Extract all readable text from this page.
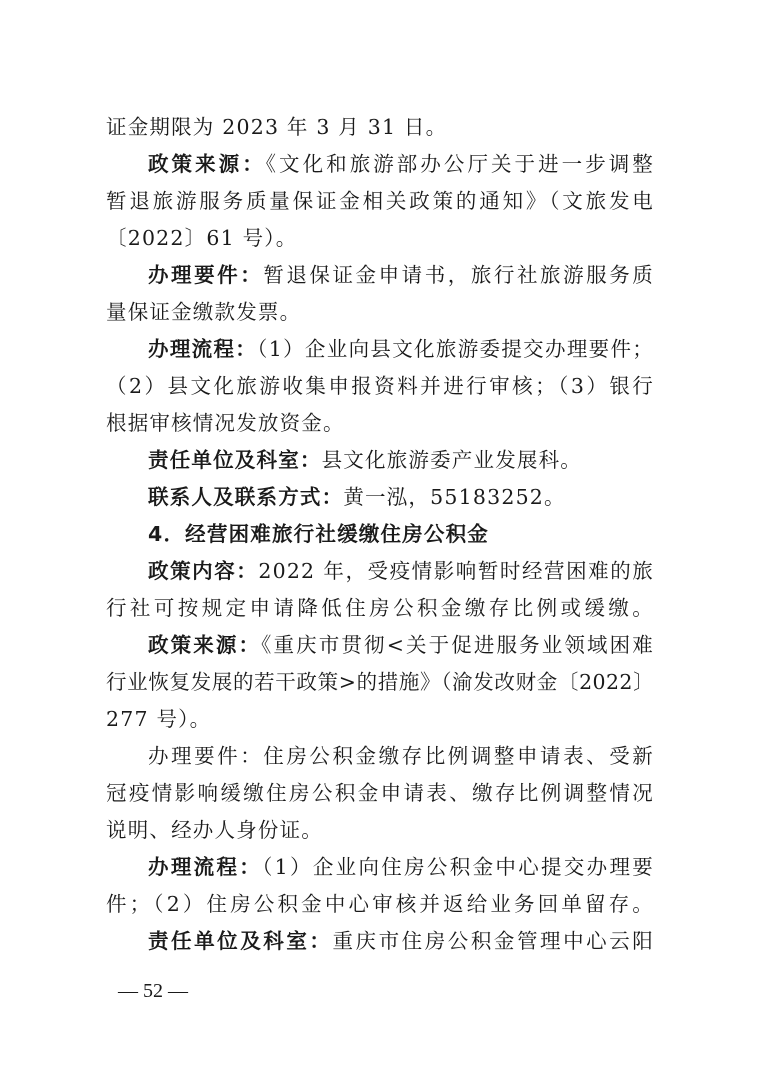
证金期限为 2023 年 3 月 31 日。
政策来源：《文化和旅游部办公厅关于进一步调整
暂退旅游服务质量保证金相关政策的通知》（文旅发电
〔2022〕61 号）。
办理要件：暂退保证金申请书，旅行社旅游服务质
量保证金缴款发票。
办理流程：（1）企业向县文化旅游委提交办理要件；
（2）县文化旅游收集申报资料并进行审核；（3）银行
根据审核情况发放资金。
责任单位及科室：县文化旅游委产业发展科。
联系人及联系方式：黄一泓，55183252。
4．经营困难旅行社缓缴住房公积金
政策内容：2022 年，受疫情影响暂时经营困难的旅
行社可按规定申请降低住房公积金缴存比例或缓缴。
政策来源：《重庆市贯彻<关于促进服务业领域困难
行业恢复发展的若干政策>的措施》（渝发改财金〔2022〕
277 号）。
办理要件：住房公积金缴存比例调整申请表、受新
冠疫情影响缓缴住房公积金申请表、缴存比例调整情况
说明、经办人身份证。
办理流程：（1）企业向住房公积金中心提交办理要
件；（2）住房公积金中心审核并返给业务回单留存。
责任单位及科室：重庆市住房公积金管理中心云阳
— 52 —
